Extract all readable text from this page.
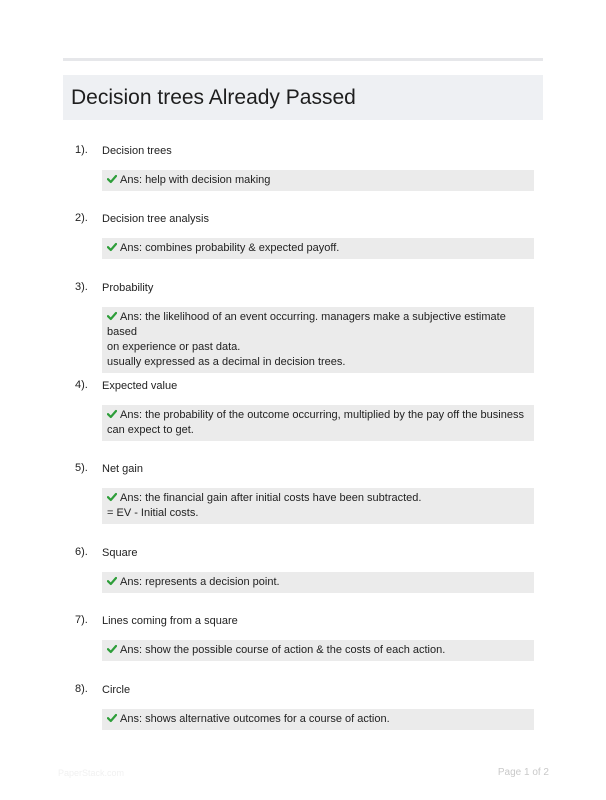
Decision trees Already Passed
1). Decision trees
Ans: help with decision making
2). Decision tree analysis
Ans: combines probability & expected payoff.
3). Probability
Ans: the likelihood of an event occurring. managers make a subjective estimate based
on experience or past data.
usually expressed as a decimal in decision trees.
4). Expected value
Ans: the probability of the outcome occurring, multiplied by the pay off the business
can expect to get.
5). Net gain
Ans: the financial gain after initial costs have been subtracted.
= EV - Initial costs.
6). Square
Ans: represents a decision point.
7). Lines coming from a square
Ans: show the possible course of action & the costs of each action.
8). Circle
Ans: shows alternative outcomes for a course of action.
PaperStack.com	Page 1 of 2
